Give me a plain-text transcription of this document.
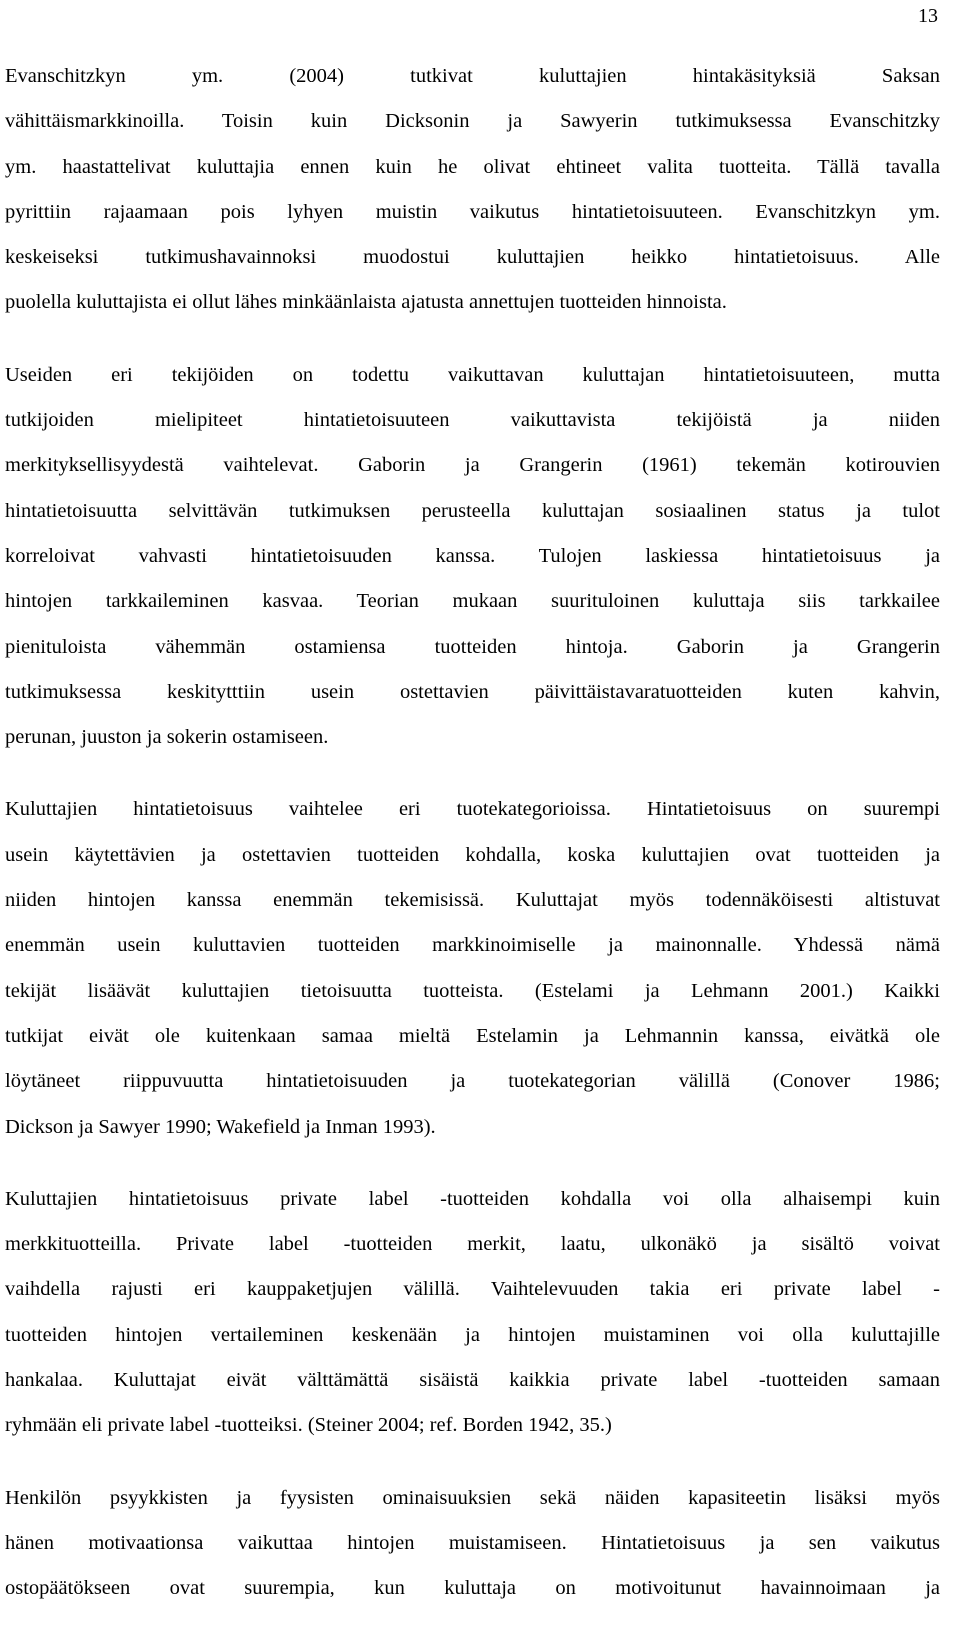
13
Evanschitzkyn ym. (2004) tutkivat kuluttajien hintakäsityksiä Saksan
vähittäismarkkinoilla. Toisin kuin Dicksonin ja Sawyerin tutkimuksessa Evanschitzky
ym. haastattelivat kuluttajia ennen kuin he olivat ehtineet valita tuotteita. Tällä tavalla
pyrittiin rajaamaan pois lyhyen muistin vaikutus hintatietoisuuteen. Evanschitzkyn ym.
keskeiseksi tutkimushavainnoksi muodostui kuluttajien heikko hintatietoisuus. Alle
puolella kuluttajista ei ollut lähes minkäänlaista ajatusta annettujen tuotteiden hinnoista.
Useiden eri tekijöiden on todettu vaikuttavan kuluttajan hintatietoisuuteen, mutta
tutkijoiden mielipiteet hintatietoisuuteen vaikuttavista tekijöistä ja niiden
merkityksellisyydestä vaihtelevat. Gaborin ja Grangerin (1961) tekemän kotirouvien
hintatietoisuutta selvittävän tutkimuksen perusteella kuluttajan sosiaalinen status ja tulot
korreloivat vahvasti hintatietoisuuden kanssa. Tulojen laskiessa hintatietoisuus ja
hintojen tarkkaileminen kasvaa. Teorian mukaan suurituloinen kuluttaja siis tarkkailee
pienituloista vähemmän ostamiensa tuotteiden hintoja. Gaborin ja Grangerin
tutkimuksessa keskitytttiin usein ostettavien päivittäistavaratuotteiden kuten kahvin,
perunan, juuston ja sokerin ostamiseen.
Kuluttajien hintatietoisuus vaihtelee eri tuotekategorioissa. Hintatietoisuus on suurempi
usein käytettävien ja ostettavien tuotteiden kohdalla, koska kuluttajien ovat tuotteiden ja
niiden hintojen kanssa enemmän tekemisissä. Kuluttajat myös todennäköisesti altistuvat
enemmän usein kuluttavien tuotteiden markkinoimiselle ja mainonnalle. Yhdessä nämä
tekijät lisäävät kuluttajien tietoisuutta tuotteista. (Estelami ja Lehmann 2001.) Kaikki
tutkijat eivät ole kuitenkaan samaa mieltä Estelamin ja Lehmannin kanssa, eivätkä ole
löytäneet riippuvuutta hintatietoisuuden ja tuotekategorian välillä (Conover 1986;
Dickson ja Sawyer 1990; Wakefield ja Inman 1993).
Kuluttajien hintatietoisuus private label -tuotteiden kohdalla voi olla alhaisempi kuin
merkkituotteilla. Private label -tuotteiden merkit, laatu, ulkonäkö ja sisältö voivat
vaihdella rajusti eri kauppaketjujen välillä. Vaihtelevuuden takia eri private label -
tuotteiden hintojen vertaileminen keskenään ja hintojen muistaminen voi olla kuluttajille
hankalaa. Kuluttajat eivät välttämättä sisäistä kaikkia private label -tuotteiden samaan
ryhmään eli private label -tuotteiksi. (Steiner 2004; ref. Borden 1942, 35.)
Henkilön psyykkisten ja fyysisten ominaisuuksien sekä näiden kapasiteetin lisäksi myös
hänen motivaationsa vaikuttaa hintojen muistamiseen. Hintatietoisuus ja sen vaikutus
ostopäätökseen ovat suurempia, kun kuluttaja on motivoitunut havainnoimaan ja
